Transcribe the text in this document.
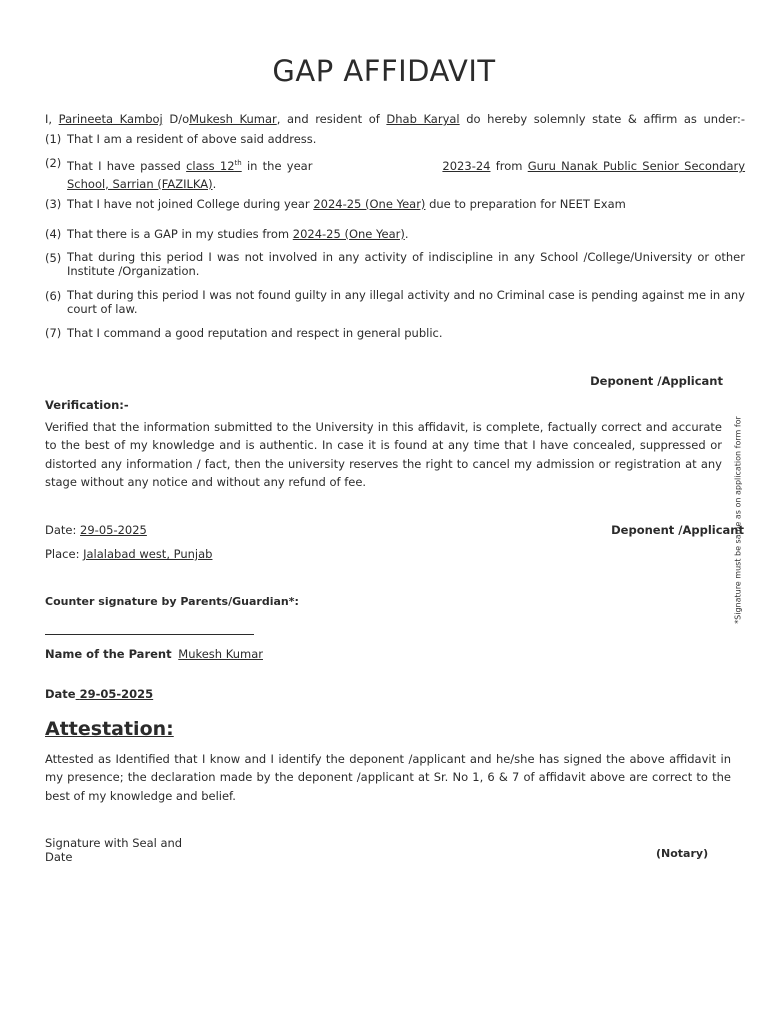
GAP AFFIDAVIT
I, Parineeta Kamboj D/oMukesh Kumar, and resident of Dhab Karyal do hereby solemnly state & affirm as under:-
(1) That I am a resident of above said address.
(2) That I have passed class 12th in the year	2023-24 from Guru Nanak Public Senior Secondary
School, Sarrian (FAZILKA).
(3) That I have not joined College during year 2024-25 (One Year) due to preparation for NEET Exam
(4) That there is a GAP in my studies from 2024-25 (One Year).
(5) That during this period I was not involved in any activity of indiscipline in any School /College/University or other Institute /Organization.
(6) That during this period I was not found guilty in any illegal activity and no Criminal case is pending against me in any court of law.
(7) That I command a good reputation and respect in general public.
Deponent /Applicant
Verification:-
Verified that the information submitted to the University in this affidavit, is complete, factually correct and accurate to the best of my knowledge and is authentic. In case it is found at any time that I have concealed, suppressed or distorted any information / fact, then the university reserves the right to cancel my admission or registration at any stage without any notice and without any refund of fee.
Date: 29-05-2025	Deponent /Applicant
Place: Jalalabad west, Punjab
Counter signature by Parents/Guardian*:
Name of the Parent Mukesh Kumar
Date 29-05-2025
Attestation:
Attested as Identified that I know and I identify the deponent /applicant and he/she has signed the above affidavit in my presence; the declaration made by the deponent /applicant at Sr. No 1, 6 & 7 of affidavit above are correct to the best of my knowledge and belief.
Signature with Seal and
Date	(Notary)
*Signature must be same as on application form for
